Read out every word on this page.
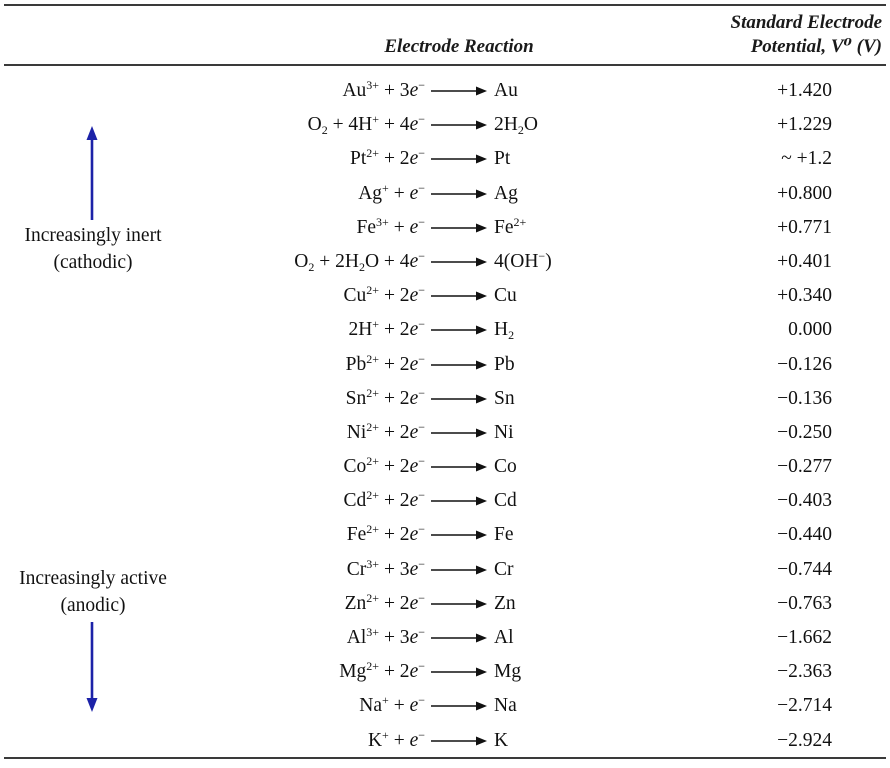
Electrode Reaction
Standard Electrode
Potential, V⁰ (V)
Increasingly inert
(cathodic)
Increasingly active
(anodic)
$Au^{3+} + 3e^- \to Au$	+1.420
$O_2 + 4H^+ + 4e^- \to 2H_2O$	+1.229
$Pt^{2+} + 2e^- \to Pt$	~ +1.2
Ag+ + e− → Ag	+0.800
$Fe^{3+} + e^- \to Fe^{2+}$	+0.771
$O_2 + 2H_2O + 4e^- \to 4(OH^-)$	+0.401
$Cu^{2+} + 2e^- \to Cu$	+0.340
$2H^+ + 2e^- \to H_2$	0.000
$Pb^{2+} + 2e^- \to Pb$	−0.126
$Sn^{2+} + 2e^- \to Sn$	−0.136
$Ni^{2+} + 2e^- \to Ni$	−0.250
$Co^{2+} + 2e^- \to Co$	−0.277
$Cd^{2+} + 2e^- \to Cd$	−0.403
$Fe^{2+} + 2e^- \to Fe$	−0.440
$Cr^{3+} + 3e^- \to Cr$	−0.744
$Zn^{2+} + 2e^- \to Zn$	−0.763
$Al^{3+} + 3e^- \to Al$	−1.662
$Mg^{2+} + 2e^- \to Mg$	−2.363
Na+ + e− → Na	−2.714
K+ + e− → K	−2.924
